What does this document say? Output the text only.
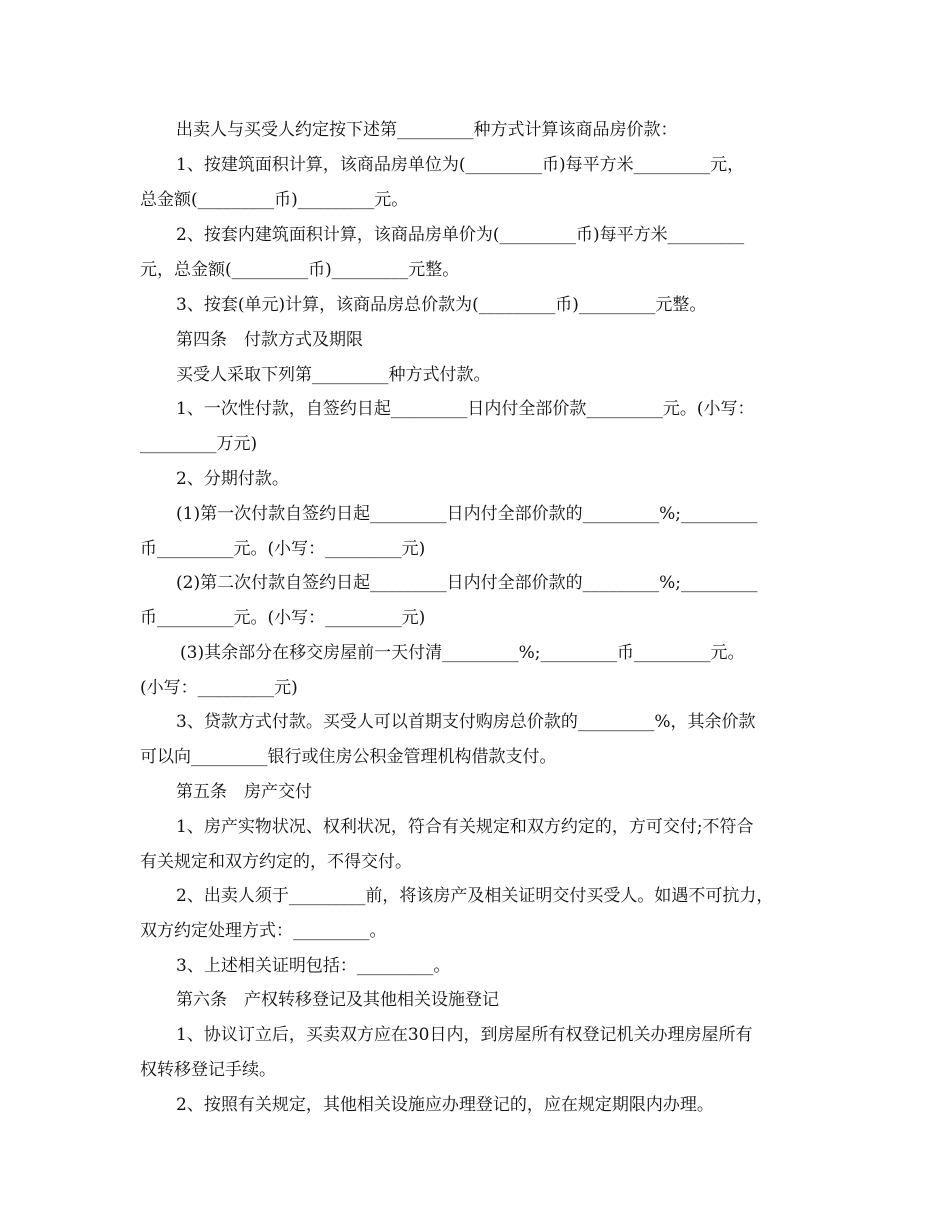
出卖人与买受人约定按下述第_________种方式计算该商品房价款：

1、按建筑面积计算，该商品房单位为(_________币)每平方米_________元，

总金额(_________币)_________元。

2、按套内建筑面积计算，该商品房单价为(_________币)每平方米_________

元，总金额(_________币)_________元整。

3、按套(单元)计算，该商品房总价款为(_________币)_________元整。

第四条　付款方式及期限

买受人采取下列第_________种方式付款。

1、一次性付款，自签约日起_________日内付全部价款_________元。(小写：

_________万元)

2、分期付款。

(1)第一次付款自签约日起_________日内付全部价款的_________%;_________

币_________元。(小写：_________元)

(2)第二次付款自签约日起_________日内付全部价款的_________%;_________

币_________元。(小写：_________元)

(3)其余部分在移交房屋前一天付清_________%;_________币_________元。

(小写：_________元)

3、贷款方式付款。买受人可以首期支付购房总价款的_________%，其余价款

可以向_________银行或住房公积金管理机构借款支付。

第五条　房产交付

1、房产实物状况、权利状况，符合有关规定和双方约定的，方可交付;不符合

有关规定和双方约定的，不得交付。

2、出卖人须于_________前，将该房产及相关证明交付买受人。如遇不可抗力，

双方约定处理方式：_________。

3、上述相关证明包括：_________。

第六条　产权转移登记及其他相关设施登记

1、协议订立后，买卖双方应在30日内，到房屋所有权登记机关办理房屋所有

权转移登记手续。

2、按照有关规定，其他相关设施应办理登记的，应在规定期限内办理。
